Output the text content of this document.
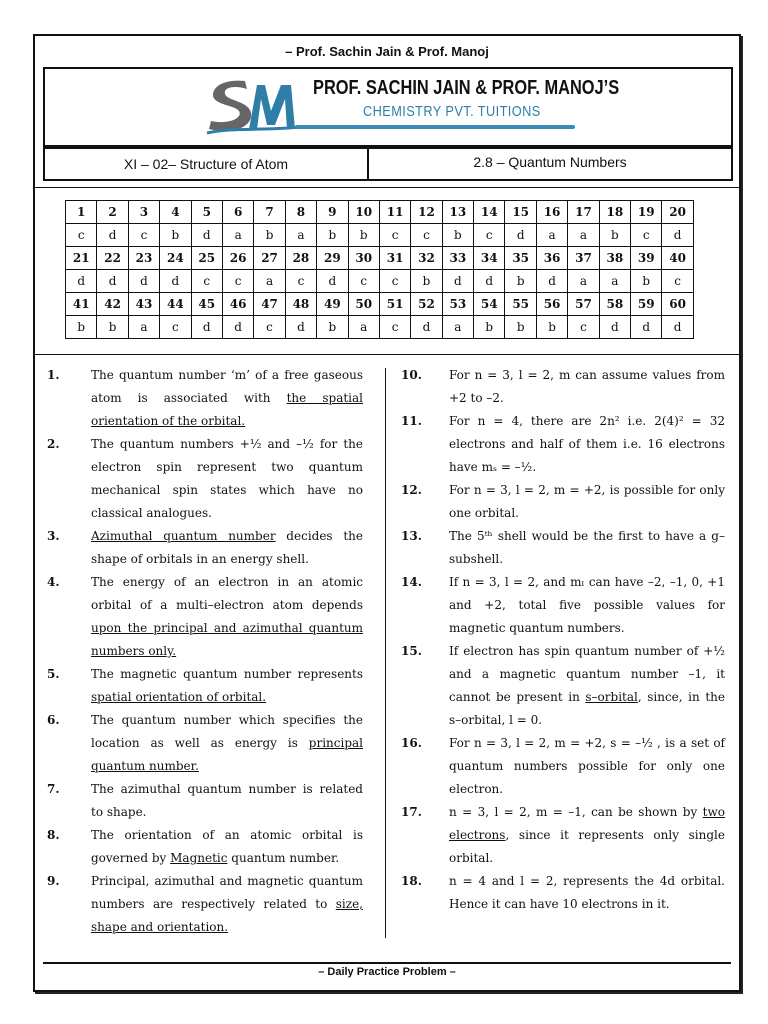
– Prof. Sachin Jain & Prof. Manoj
PROF. SACHIN JAIN & PROF. MANOJ’S
CHEMISTRY PVT. TUITIONS
XI – 02– Structure of Atom	2.8 – Quantum Numbers
1	2	3	4	5	6	7	8	9	10	11	12	13	14	15	16	17	18	19	20
c	d	c	b	d	a	b	a	b	b	c	c	b	c	d	a	a	b	c	d
21	22	23	24	25	26	27	28	29	30	31	32	33	34	35	36	37	38	39	40
d	d	d	d	c	c	a	c	d	c	c	b	d	d	b	d	a	a	b	c
41	42	43	44	45	46	47	48	49	50	51	52	53	54	55	56	57	58	59	60
b	b	a	c	d	d	c	d	b	a	c	d	a	b	b	b	c	d	d	d
1.	The quantum number ‘m’ of a free gaseous atom is associated with the spatial orientation of the orbital.
2.	The quantum numbers +½ and –½ for the electron spin represent two quantum mechanical spin states which have no classical analogues.
3.	Azimuthal quantum number decides the shape of orbitals in an energy shell.
4.	The energy of an electron in an atomic orbital of a multi–electron atom depends upon the principal and azimuthal quantum numbers only.
5.	The magnetic quantum number represents spatial orientation of orbital.
6.	The quantum number which specifies the location as well as energy is principal quantum number.
7.	The azimuthal quantum number is related to shape.
8.	The orientation of an atomic orbital is governed by Magnetic quantum number.
9.	Principal, azimuthal and magnetic quantum numbers are respectively related to size, shape and orientation.
10. For n = 3, l = 2, m can assume values from +2 to –2.
11. For n = 4, there are 2n² i.e. 2(4)² = 32 electrons and half of them i.e. 16 electrons have mₛ = –½.
12. For n = 3, l = 2, m = +2, is possible for only one orbital.
13. The 5ᵗʰ shell would be the first to have a g–subshell.
14. If n = 3, l = 2, and mₗ can have –2, –1, 0, +1 and +2, total five possible values for magnetic quantum numbers.
15. If electron has spin quantum number of +½ and a magnetic quantum number –1, it cannot be present in s–orbital, since, in the s–orbital, l = 0.
16. For n = 3, l = 2, m = +2, s = –½ , is a set of quantum numbers possible for only one electron.
17. n = 3, l = 2, m = –1, can be shown by two electrons, since it represents only single orbital.
18. n = 4 and l = 2, represents the 4d orbital. Hence it can have 10 electrons in it.
– Daily Practice Problem –
